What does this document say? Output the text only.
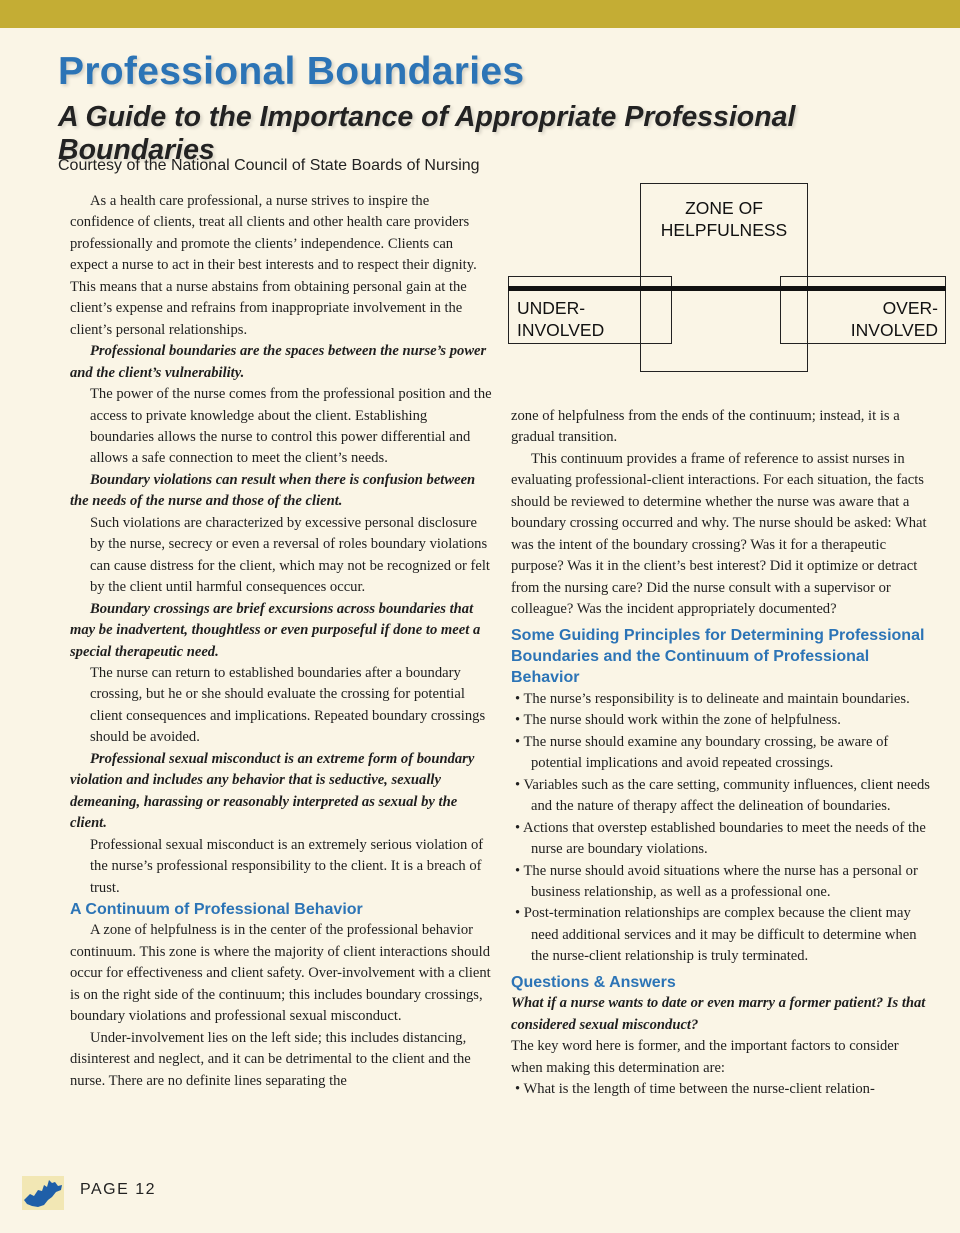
Professional Boundaries
A Guide to the Importance of Appropriate Professional Boundaries
Courtesy of the National Council of State Boards of Nursing

As a health care professional, a nurse strives to inspire the confidence of clients, treat all clients and other health care providers professionally and promote the clients’ independence. Clients can expect a nurse to act in their best interests and to respect their dignity. This means that a nurse abstains from obtaining personal gain at the client’s expense and refrains from inappropriate involvement in the client’s personal relationships.

Professional boundaries are the spaces between the nurse’s power and the client’s vulnerability.

The power of the nurse comes from the professional position and the access to private knowledge about the client. Establishing boundaries allows the nurse to control this power differential and allows a safe connection to meet the client’s needs.

Boundary violations can result when there is confusion between the needs of the nurse and those of the client.

Such violations are characterized by excessive personal disclosure by the nurse, secrecy or even a reversal of roles boundary violations can cause distress for the client, which may not be recognized or felt by the client until harmful consequences occur.

Boundary crossings are brief excursions across boundaries that may be inadvertent, thoughtless or even purposeful if done to meet a special therapeutic need.

The nurse can return to established boundaries after a boundary crossing, but he or she should evaluate the crossing for potential client consequences and implications. Repeated boundary crossings should be avoided.

Professional sexual misconduct is an extreme form of boundary violation and includes any behavior that is seductive, sexually demeaning, harassing or reasonably interpreted as sexual by the client.

Professional sexual misconduct is an extremely serious violation of the nurse’s professional responsibility to the client. It is a breach of trust.

A Continuum of Professional Behavior

A zone of helpfulness is in the center of the professional behavior continuum. This zone is where the majority of client interactions should occur for effectiveness and client safety. Over-involvement with a client is on the right side of the continuum; this includes boundary crossings, boundary violations and professional sexual misconduct.

Under-involvement lies on the left side; this includes distancing, disinterest and neglect, and it can be detrimental to the client and the nurse. There are no definite lines separating the

ZONE OF
HELPFULNESS
UNDER-
INVOLVED
OVER-
INVOLVED

zone of helpfulness from the ends of the continuum; instead, it is a gradual transition.

This continuum provides a frame of reference to assist nurses in evaluating professional-client interactions. For each situation, the facts should be reviewed to determine whether the nurse was aware that a boundary crossing occurred and why. The nurse should be asked: What was the intent of the boundary crossing? Was it for a therapeutic purpose? Was it in the client’s best interest? Did it optimize or detract from the nursing care? Did the nurse consult with a supervisor or colleague? Was the incident appropriately documented?

Some Guiding Principles for Determining Professional Boundaries and the Continuum of Professional Behavior

• The nurse’s responsibility is to delineate and maintain boundaries.
• The nurse should work within the zone of helpfulness.
• The nurse should examine any boundary crossing, be aware of potential implications and avoid repeated crossings.
• Variables such as the care setting, community influences, client needs and the nature of therapy affect the delineation of boundaries.
• Actions that overstep established boundaries to meet the needs of the nurse are boundary violations.
• The nurse should avoid situations where the nurse has a personal or business relationship, as well as a professional one.
• Post-termination relationships are complex because the client may need additional services and it may be difficult to determine when the nurse-client relationship is truly terminated.

Questions & Answers

What if a nurse wants to date or even marry a former patient? Is that considered sexual misconduct?

The key word here is former, and the important factors to consider when making this determination are:

• What is the length of time between the nurse-client relation-
PAGE 12
